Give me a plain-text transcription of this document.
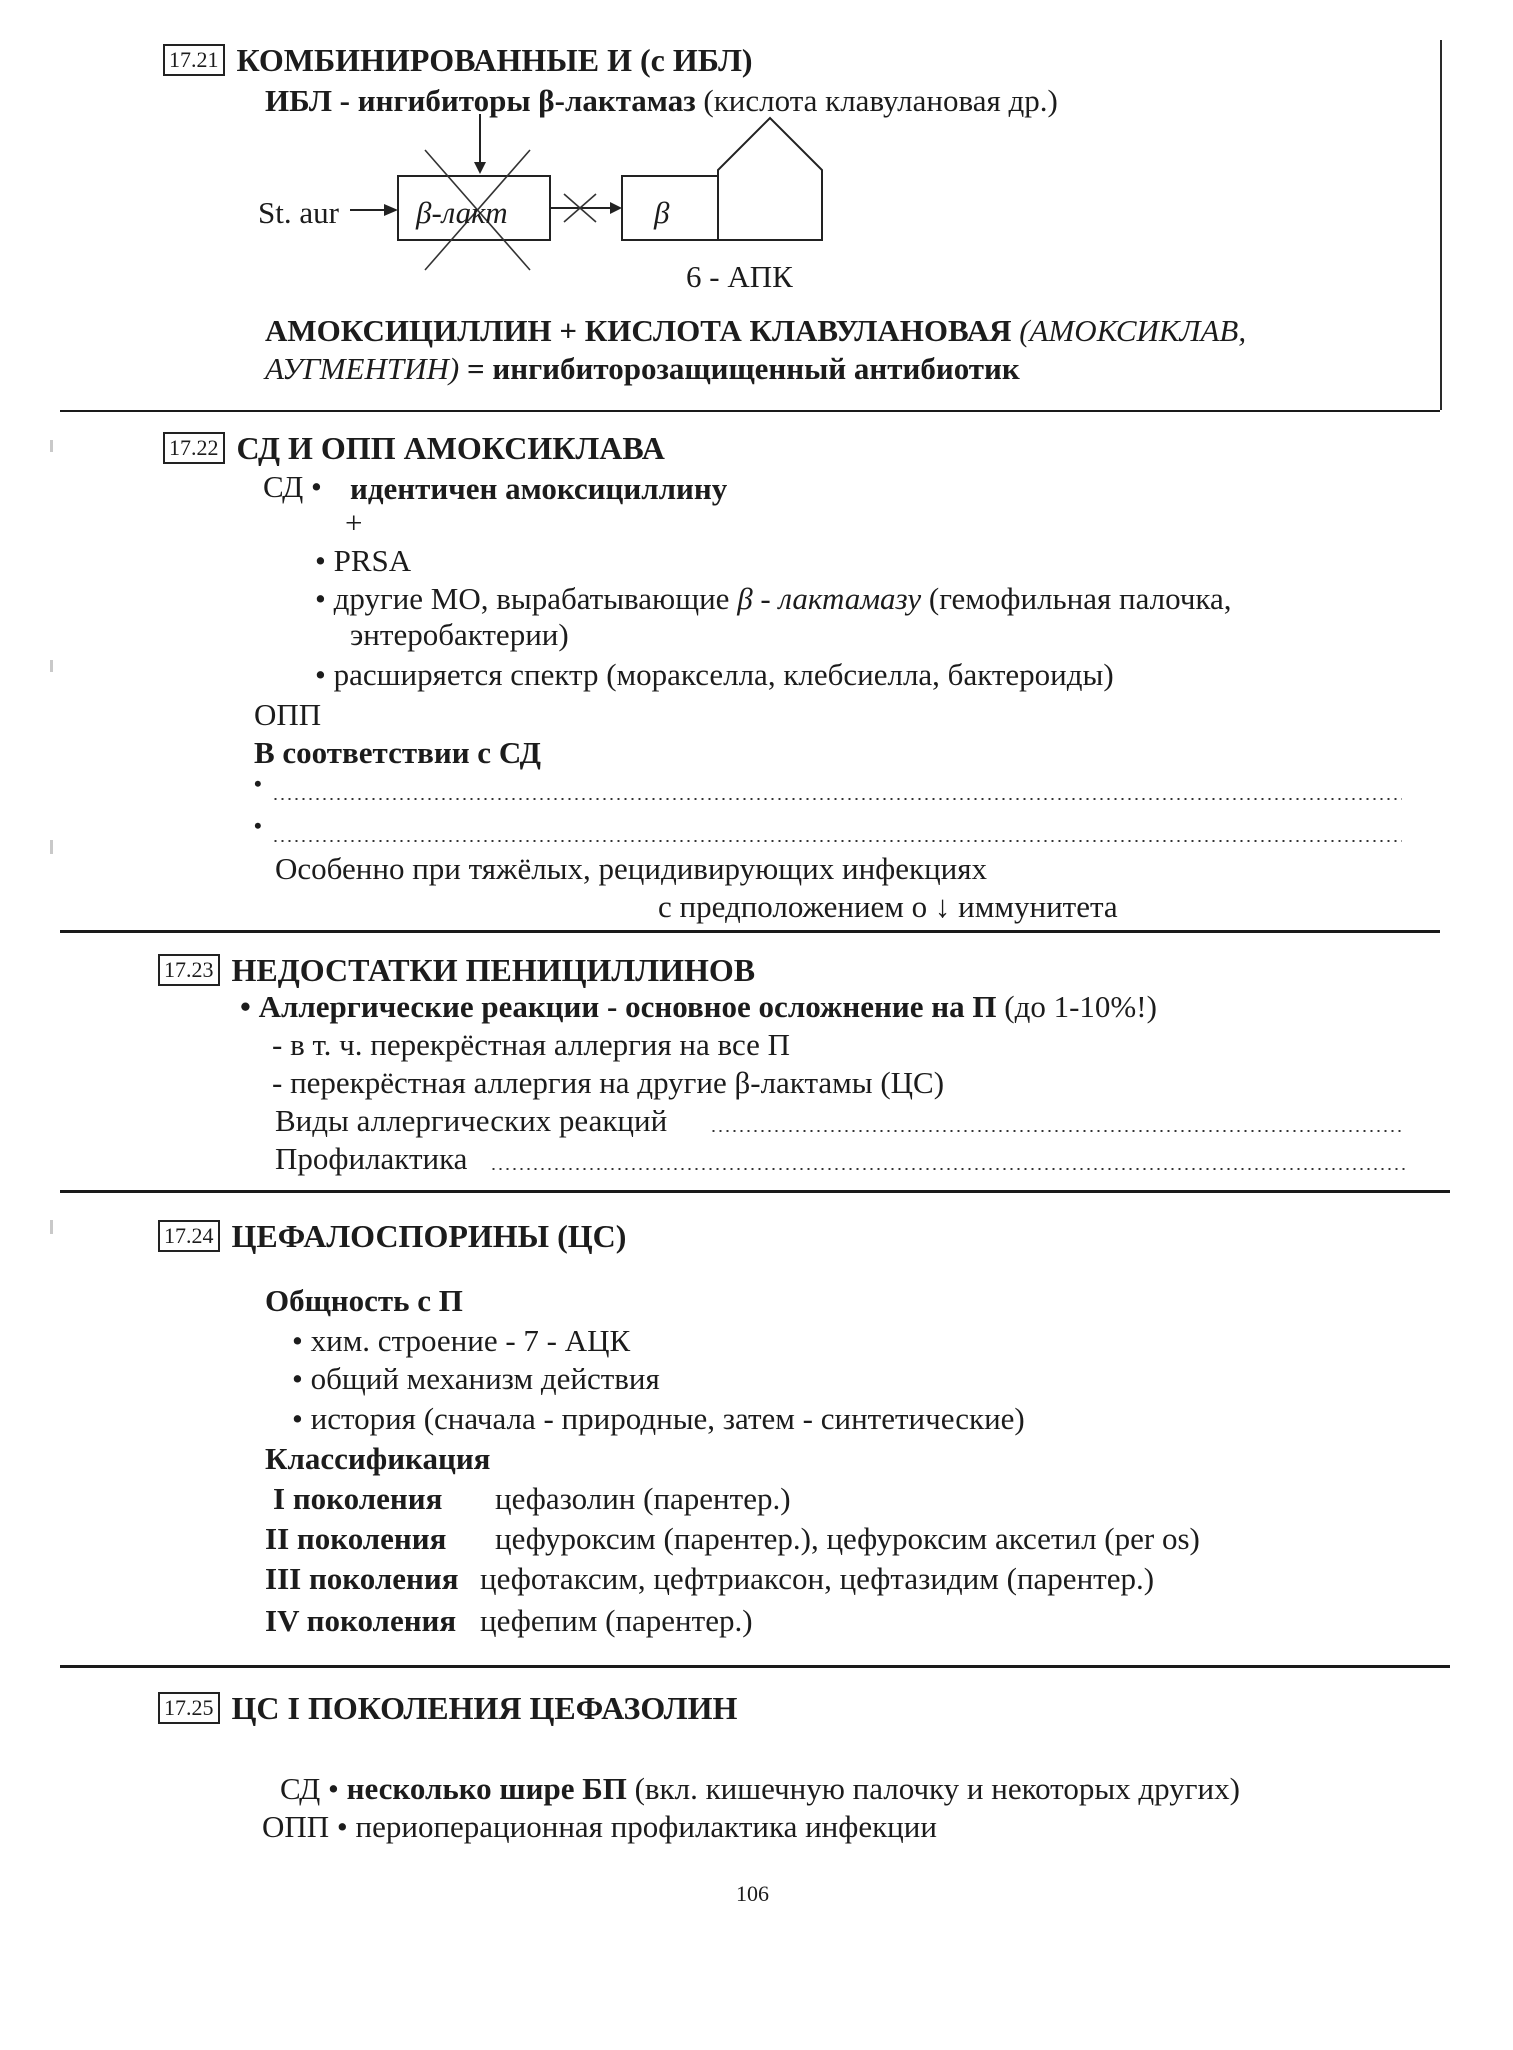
17.21 КОМБИНИРОВАННЫЕ И (с ИБЛ)
ИБЛ - ингибиторы β-лактамаз (кислота клавулановая др.)
St. aur β-лакт	β
6 - АПК
АМОКСИЦИЛЛИН + КИСЛОТА КЛАВУЛАНОВАЯ (АМОКСИКЛАВ,
АУГМЕНТИН) = ингибиторозащищенный антибиотик
17.22 СД И ОПП АМОКСИКЛАВА
СД • идентичен амоксициллину
+
• PRSA
• другие МО, вырабатывающие β - лактамазу (гемофильная палочка,
энтеробактерии)
• расширяется спектр (моракселла, клебсиелла, бактероиды)
ОПП
В соответствии с СД
•
•
Особенно при тяжёлых, рецидивирующих инфекциях
с предположением о ↓ иммунитета
17.23 НЕДОСТАТКИ ПЕНИЦИЛЛИНОВ
• Аллергические реакции - основное осложнение на П (до 1-10%!)
- в т. ч. перекрёстная аллергия на все П
- перекрёстная аллергия на другие β-лактамы (ЦС)
Виды аллергических реакций
Профилактика
17.24 ЦЕФАЛОСПОРИНЫ (ЦС)
Общность с П
• хим. строение - 7 - АЦК
• общий механизм действия
• история (сначала - природные, затем - синтетические)
Классификация
I поколения цефазолин (парентер.)
II поколения цефуроксим (парентер.), цефуроксим аксетил (per os)
III поколения цефотаксим, цефтриаксон, цефтазидим (парентер.)
IV поколения цефепим (парентер.)
17.25 ЦС I ПОКОЛЕНИЯ ЦЕФАЗОЛИН
СД • несколько шире БП (вкл. кишечную палочку и некоторых других)
ОПП • периоперационная профилактика инфекции
106
